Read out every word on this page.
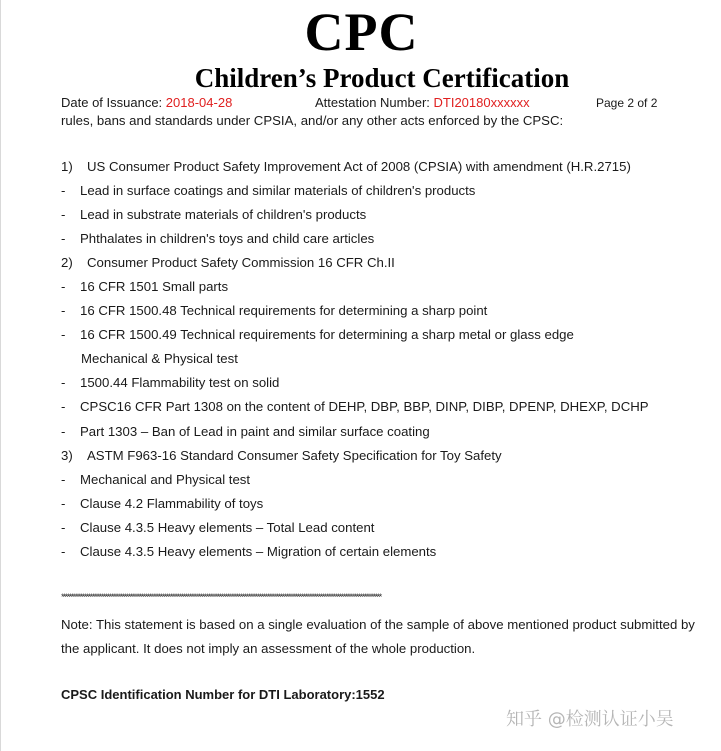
CPC
Children’s Product Certification
Date of Issuance: 2018-04-28	Attestation Number: DTI20180xxxxxx	Page 2 of 2
rules, bans and standards under CPSIA, and/or any other acts enforced by the CPSC:
1) US Consumer Product Safety Improvement Act of 2008 (CPSIA) with amendment (H.R.2715)
- Lead in surface coatings and similar materials of children's products
- Lead in substrate materials of children's products
- Phthalates in children's toys and child care articles
2) Consumer Product Safety Commission 16 CFR Ch.II
- 16 CFR 1501 Small parts
- 16 CFR 1500.48 Technical requirements for determining a sharp point
- 16 CFR 1500.49 Technical requirements for determining a sharp metal or glass edge
Mechanical & Physical test
- 1500.44 Flammability test on solid
- CPSC16 CFR Part 1308 on the content of DEHP, DBP, BBP, DINP, DIBP, DPENP, DHEXP, DCHP
- Part 1303 – Ban of Lead in paint and similar surface coating
3) ASTM F963-16 Standard Consumer Safety Specification for Toy Safety
- Mechanical and Physical test
- Clause 4.2 Flammability of toys
- Clause 4.3.5 Heavy elements – Total Lead content
- Clause 4.3.5 Heavy elements – Migration of certain elements
************************************************************************************************************************************************************************
Note: This statement is based on a single evaluation of the sample of above mentioned product submitted by the applicant. It does not imply an assessment of the whole production.
CPSC Identification Number for DTI Laboratory:1552
知乎 @检测认证小吴
